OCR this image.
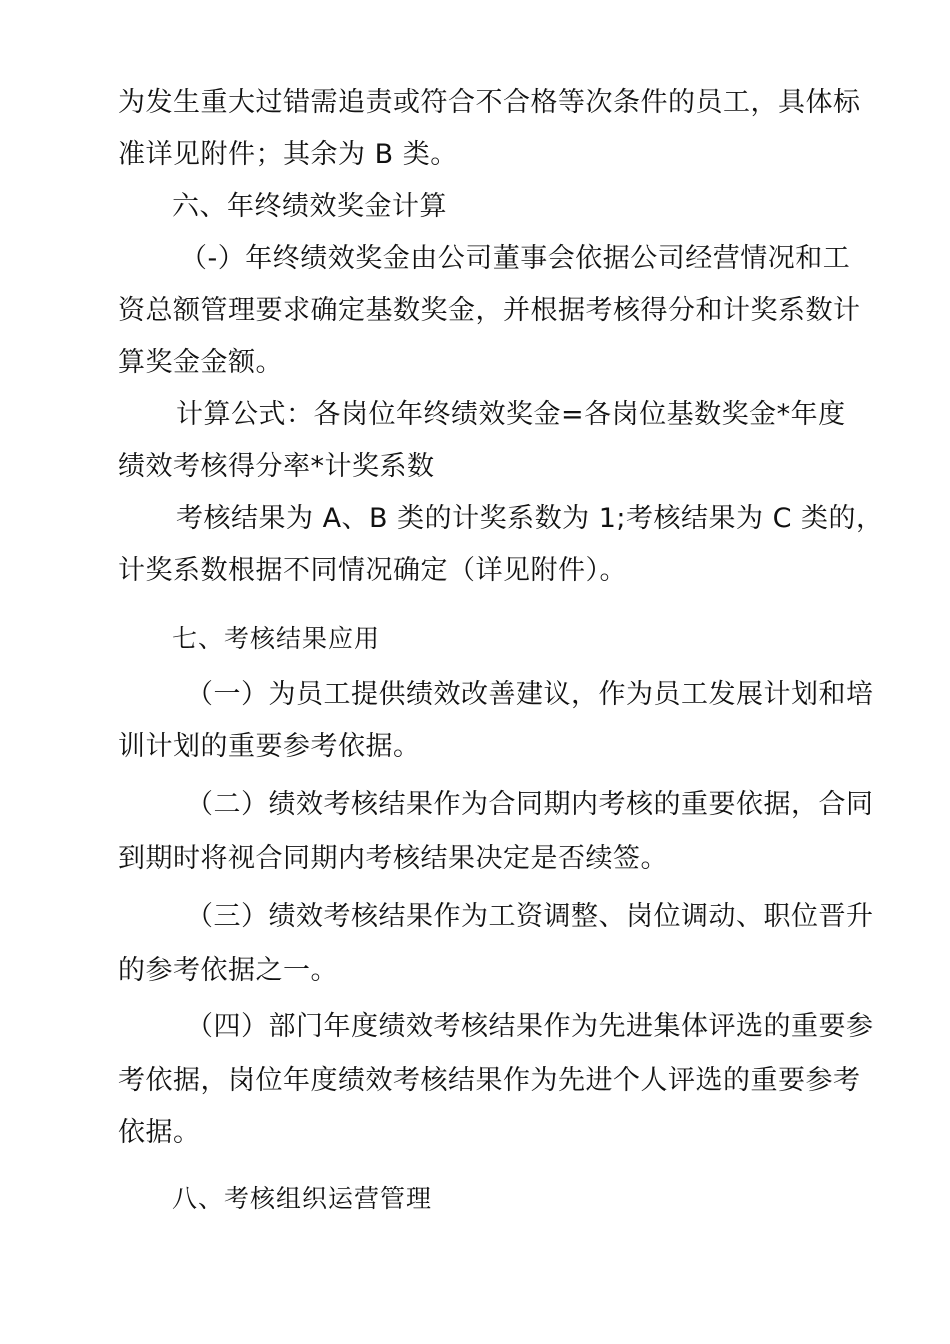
为发生重大过错需追责或符合不合格等次条件的员工，具体标
准详见附件；其余为 B 类。
六、年终绩效奖金计算
（-）年终绩效奖金由公司董事会依据公司经营情况和工
资总额管理要求确定基数奖金，并根据考核得分和计奖系数计
算奖金金额。
计算公式：各岗位年终绩效奖金=各岗位基数奖金*年度
绩效考核得分率*计奖系数
考核结果为 A、B 类的计奖系数为 1;考核结果为 C 类的，
计奖系数根据不同情况确定（详见附件）。
七、考核结果应用
（一）为员工提供绩效改善建议，作为员工发展计划和培
训计划的重要参考依据。
（二）绩效考核结果作为合同期内考核的重要依据，合同
到期时将视合同期内考核结果决定是否续签。
（三）绩效考核结果作为工资调整、岗位调动、职位晋升
的参考依据之一。
（四）部门年度绩效考核结果作为先进集体评选的重要参
考依据，岗位年度绩效考核结果作为先进个人评选的重要参考
依据。
八、考核组织运营管理
